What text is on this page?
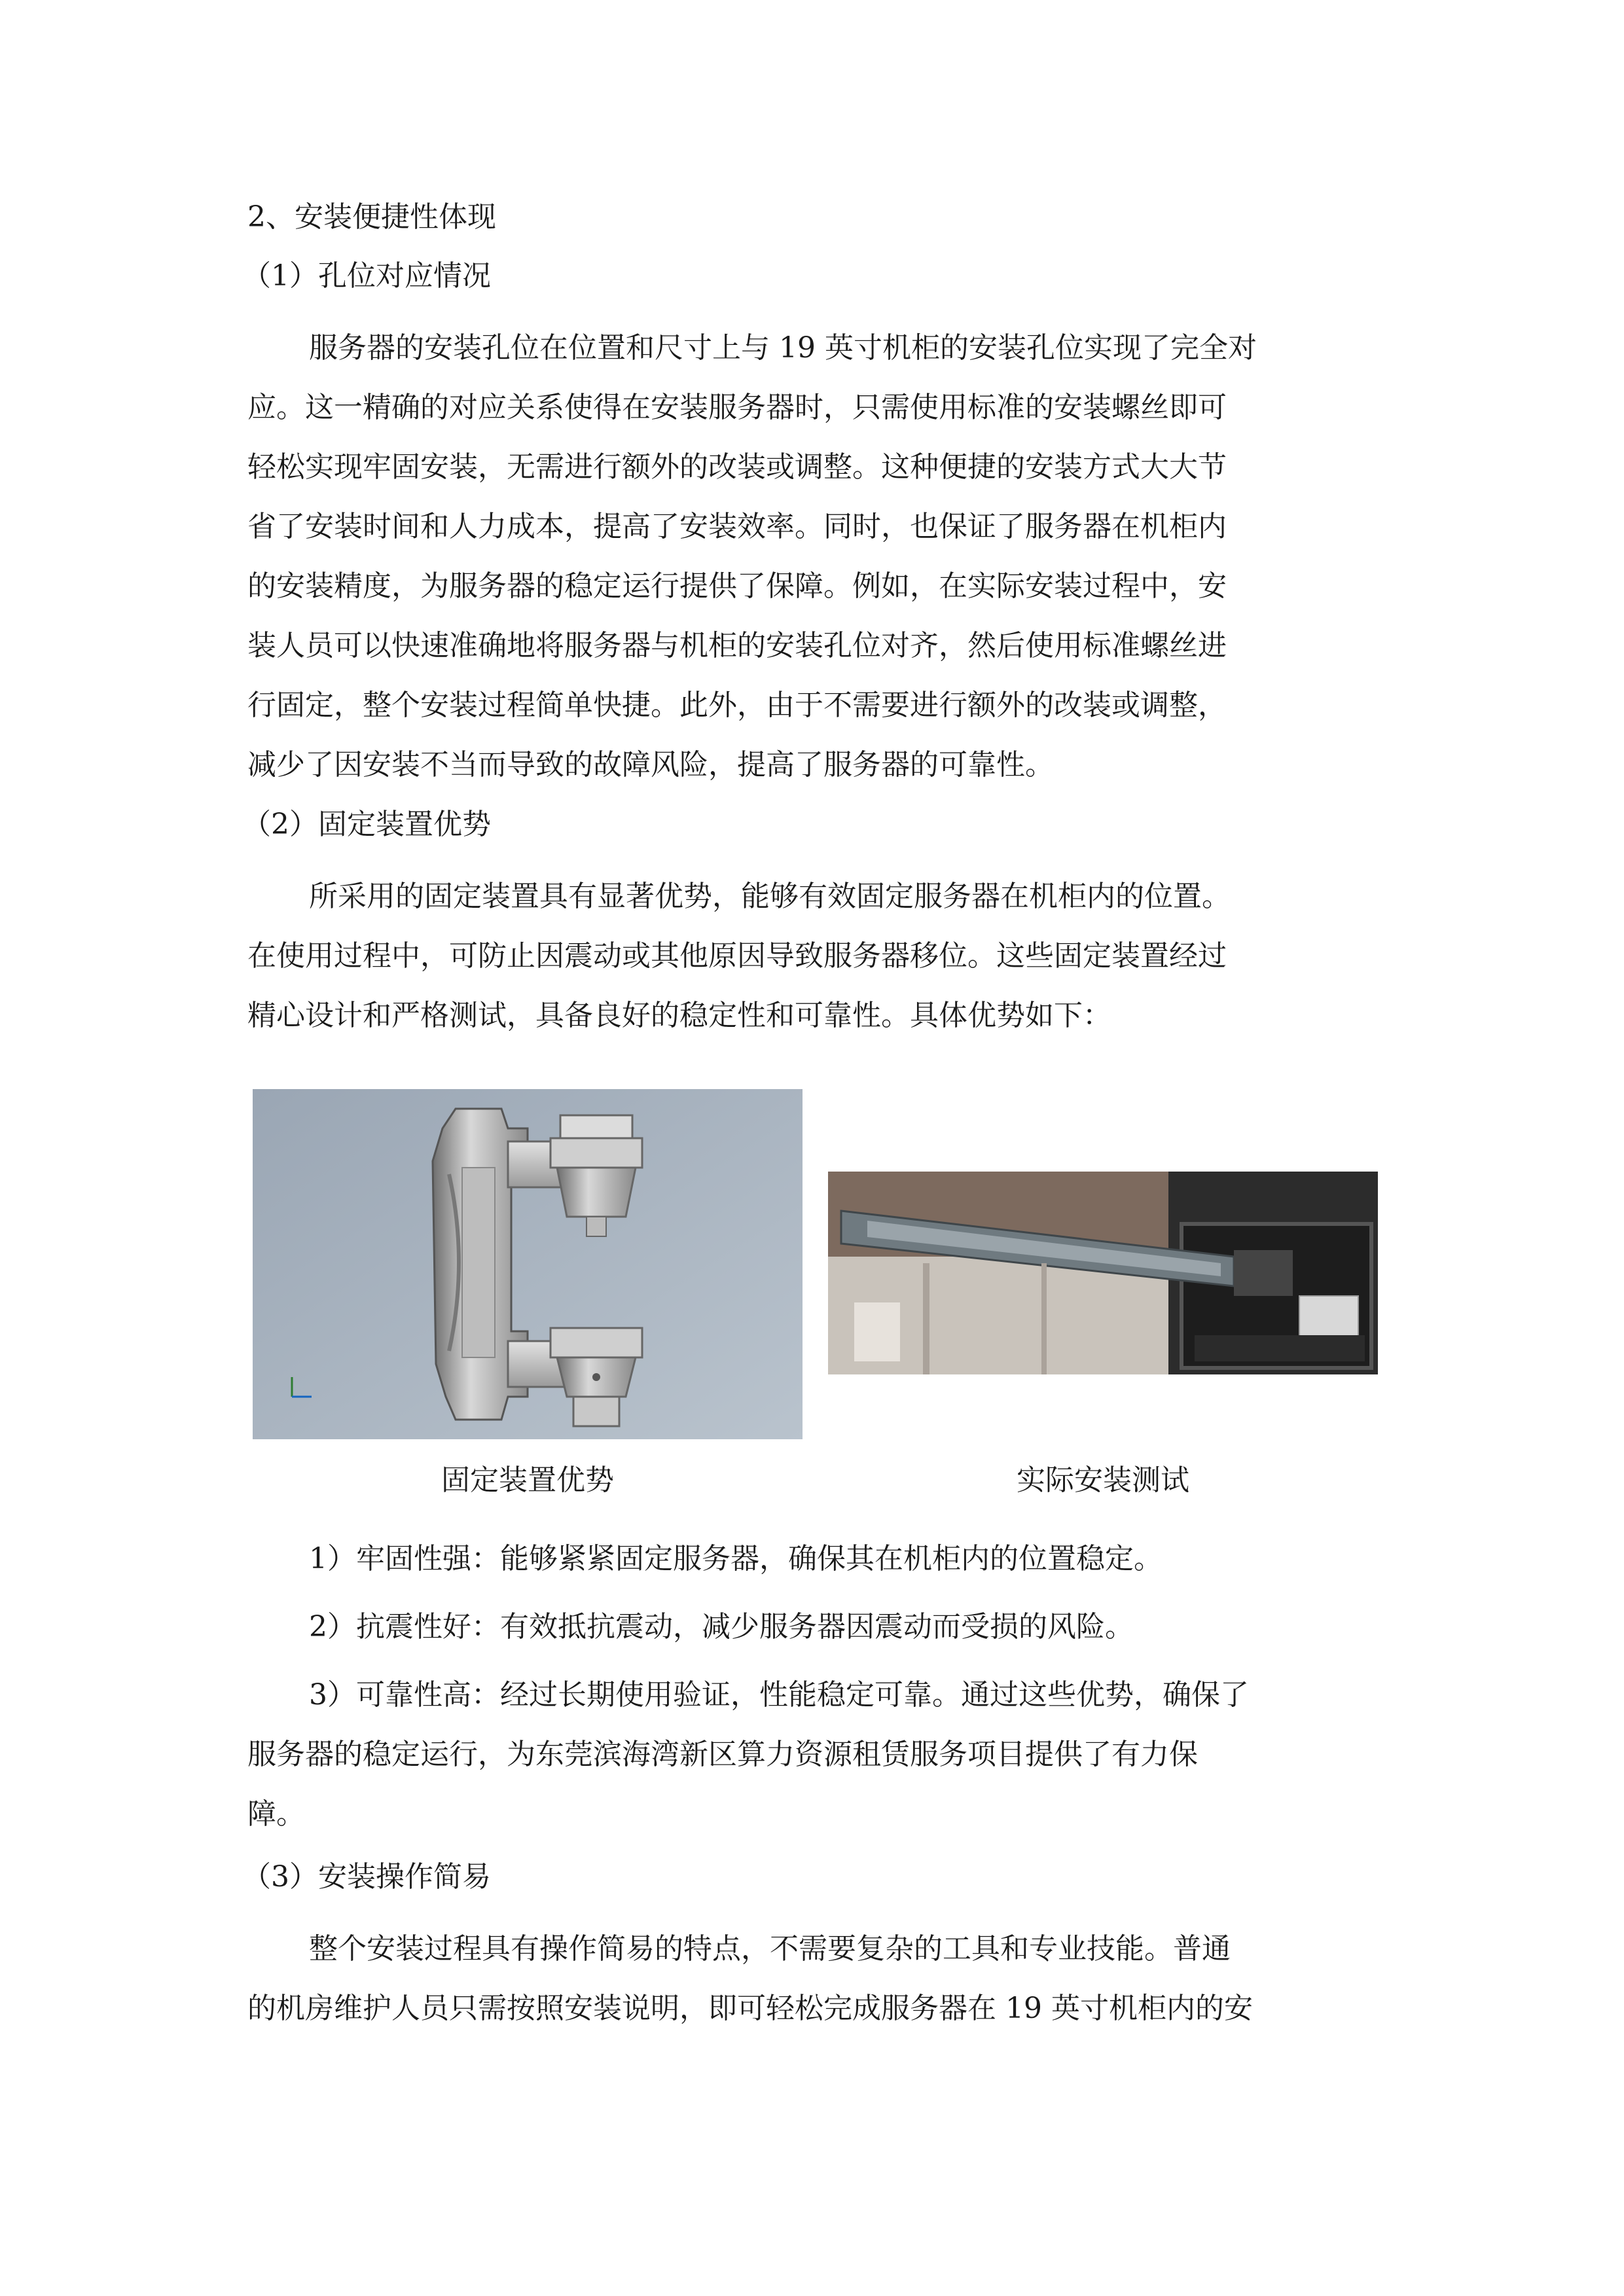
2、安装便捷性体现
（1）孔位对应情况
服务器的安装孔位在位置和尺寸上与 19 英寸机柜的安装孔位实现了完全对
应。这一精确的对应关系使得在安装服务器时，只需使用标准的安装螺丝即可
轻松实现牢固安装，无需进行额外的改装或调整。这种便捷的安装方式大大节
省了安装时间和人力成本，提高了安装效率。同时，也保证了服务器在机柜内
的安装精度，为服务器的稳定运行提供了保障。例如，在实际安装过程中，安
装人员可以快速准确地将服务器与机柜的安装孔位对齐，然后使用标准螺丝进
行固定，整个安装过程简单快捷。此外，由于不需要进行额外的改装或调整，
减少了因安装不当而导致的故障风险，提高了服务器的可靠性。
（2）固定装置优势
所采用的固定装置具有显著优势，能够有效固定服务器在机柜内的位置。
在使用过程中，可防止因震动或其他原因导致服务器移位。这些固定装置经过
精心设计和严格测试，具备良好的稳定性和可靠性。具体优势如下：
固定装置优势	实际安装测试
1）牢固性强：能够紧紧固定服务器，确保其在机柜内的位置稳定。
2）抗震性好：有效抵抗震动，减少服务器因震动而受损的风险。
3）可靠性高：经过长期使用验证，性能稳定可靠。通过这些优势，确保了
服务器的稳定运行，为东莞滨海湾新区算力资源租赁服务项目提供了有力保
障。
（3）安装操作简易
整个安装过程具有操作简易的特点，不需要复杂的工具和专业技能。普通
的机房维护人员只需按照安装说明，即可轻松完成服务器在 19 英寸机柜内的安
